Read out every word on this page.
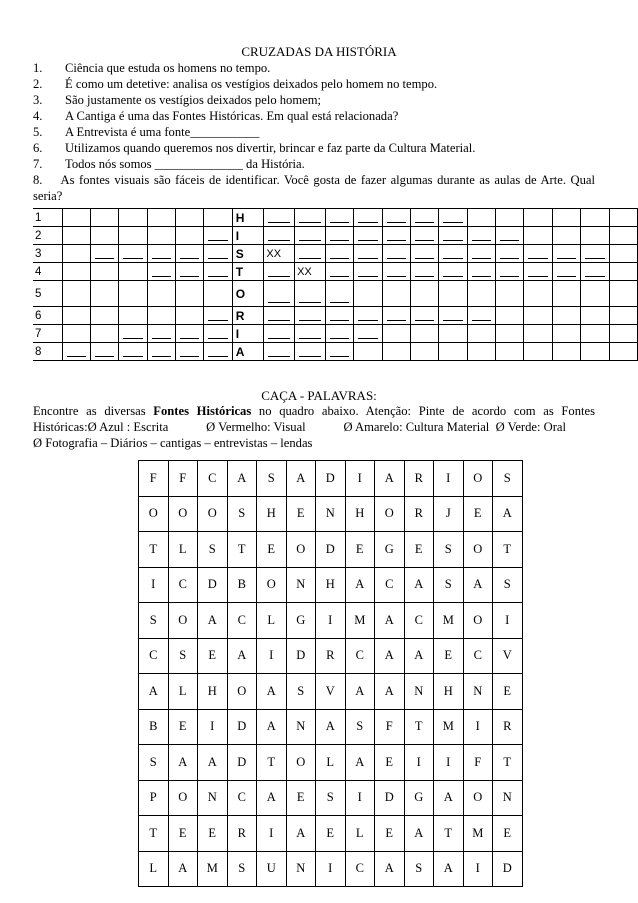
CRUZADAS DA HISTÓRIA
1.	Ciência que estuda os homens no tempo.
2.	É como um detetive: analisa os vestígios deixados pelo homem no tempo.
3.	São justamente os vestígios deixados pelo homem;
4.	A Cantiga é uma das Fontes Históricas. Em qual está relacionada?
5.	A Entrevista é uma fonte___________
6.	Utilizamos quando queremos nos divertir, brincar e faz parte da Cultura Material.
7.	Todos nós somos ______________ da História.
8. As fontes visuais são fáceis de identificar. Você gosta de fazer algumas durante as aulas de Arte. Qual seria?
1							H													
2							I													
3							S	XX												
4							T		XX											
5							O													
6							R													
7							I													
8							A													
CAÇA - PALAVRAS:
Encontre as diversas Fontes Históricas no quadro abaixo. Atenção: Pinte de acordo com as Fontes Históricas:Ø Azul : Escrita	Ø Vermelho: Visual	Ø Amarelo: Cultura Material Ø Verde: Oral
Ø Fotografia – Diários – cantigas – entrevistas – lendas
F	F	C	A	S	A	D	I	A	R	I	O	S
O	O	O	S	H	E	N	H	O	R	J	E	A
T	L	S	T	E	O	D	E	G	E	S	O	T
I	C	D	B	O	N	H	A	C	A	S	A	S
S	O	A	C	L	G	I	M	A	C	M	O	I
C	S	E	A	I	D	R	C	A	A	E	C	V
A	L	H	O	A	S	V	A	A	N	H	N	E
B	E	I	D	A	N	A	S	F	T	M	I	R
S	A	A	D	T	O	L	A	E	I	I	F	T
P	O	N	C	A	E	S	I	D	G	A	O	N
T	E	E	R	I	A	E	L	E	A	T	M	E
L	A	M	S	U	N	I	C	A	S	A	I	D
